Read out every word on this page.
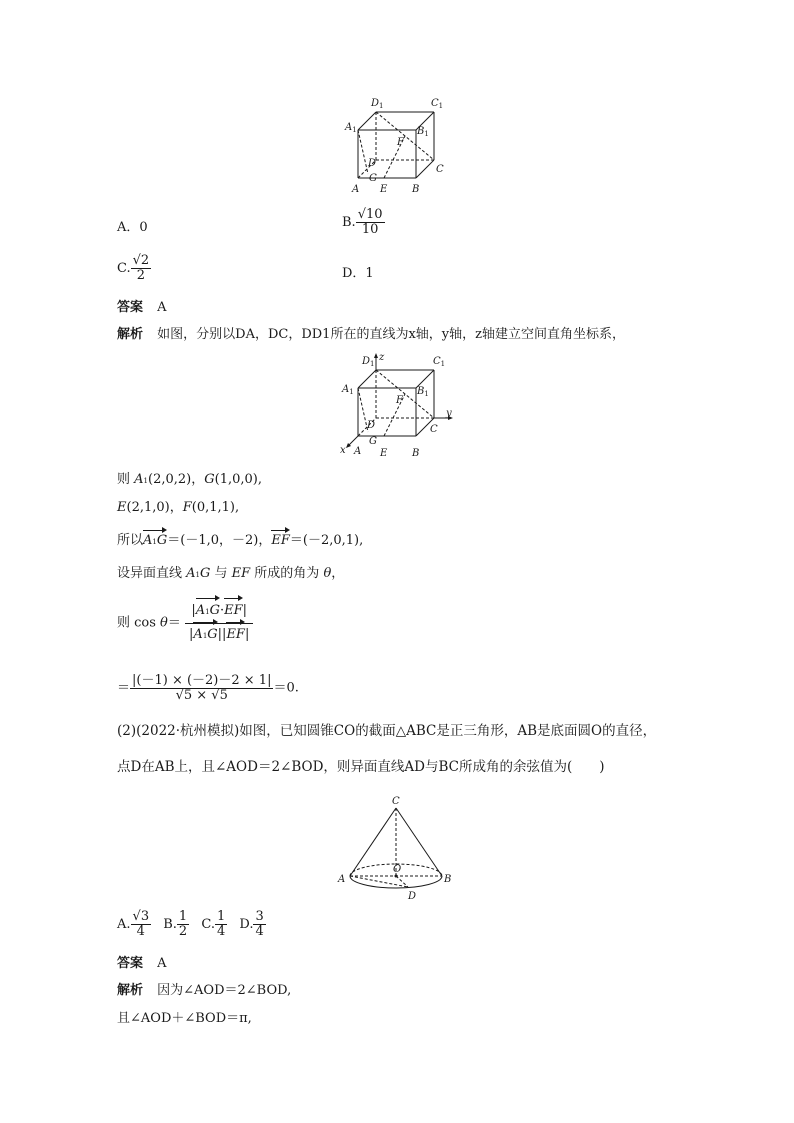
$D_1$	$C_1$
$A_1$	$B_1$
F
D
C
G
A E B
A．0	B. $\frac{√10}{10}$
C. $\frac{√2}{2}$	D．1
答案 A
解析 如图，分别以DA，DC，DD1所在的直线为x轴，y轴，z轴建立空间直角坐标系，
z
y
x
$D_1$	$C_1$
$A_1$	$B_1$
F
D	C
G
A E B
则 A1(2,0,2)，G(1,0,0),
E(2,1,0)，F(0,1,1),
所以A1G＝(－1,0，－2)，EF＝(－2,0,1),
设异面直线 A1G 与 EF 所成的角为 θ，
则 $\cos \theta= \frac{|A1G\cdot EF|}{|A1G||EF|}$
＝ $\frac{|(-1) \times (-2)-2 \times 1|}{√5 \times √5} =0$.
(2)(2022·杭州模拟)如图，已知圆锥CO的截面△ABC是正三角形，AB是底面圆O的直径，
点D在AB上，且∠AOD＝2∠BOD，则异面直线AD与BC所成角的余弦值为(　　)
C
A	B
O
D
A. $\frac{√3}{4} B$. $\frac{1}{2} C$. $\frac{1}{4} D$. $\frac{3}{4}$
答案 A
解析 因为∠AOD＝2∠BOD,
且∠AOD＋∠BOD＝π,
